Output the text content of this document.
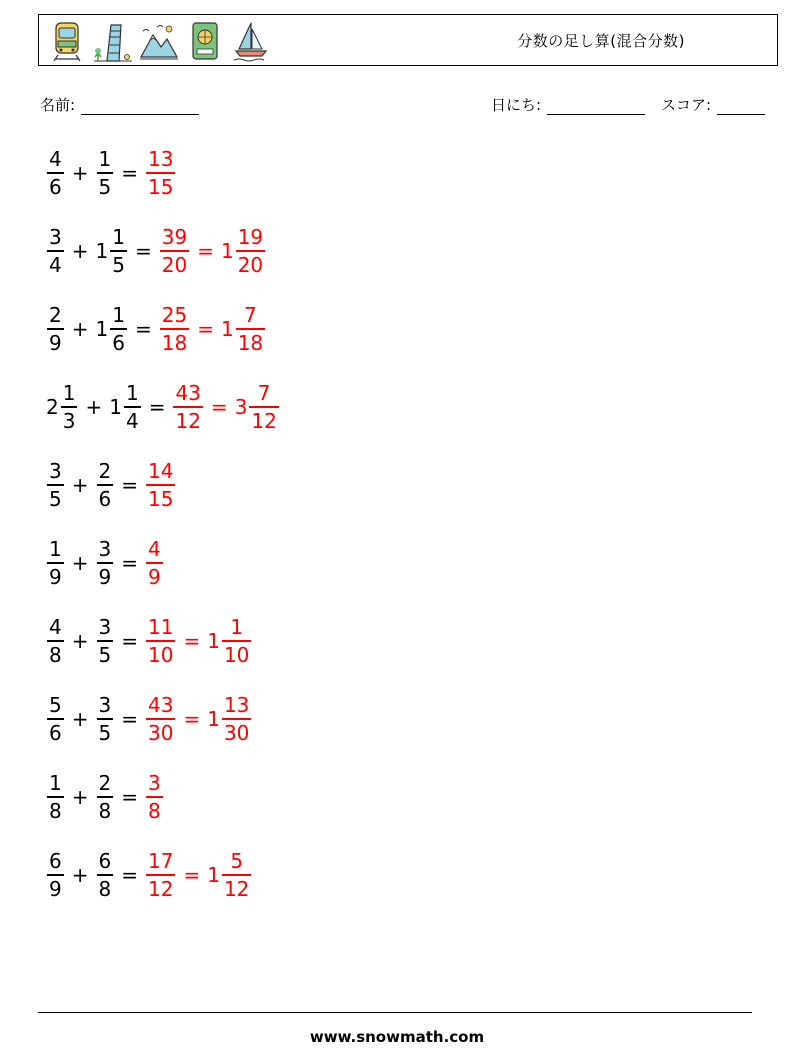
分数の足し算(混合分数)
名前:	日にち:	スコア:
$\frac{4}{6} + \frac{1}{5} = \frac{13}{15}$
$\frac{3}{4} + 1 \frac{1}{5} = \frac{39}{20} = 1 \frac{19}{20}$
$\frac{2}{9} + 1 \frac{1}{6} = \frac{25}{18} = 1 \frac{7}{18}$
$2 \frac{1}{3} + 1 \frac{1}{4} = \frac{43}{12} = 3 \frac{7}{12}$
$\frac{3}{5} + \frac{2}{6} = \frac{14}{15}$
$\frac{1}{9} + \frac{3}{9} = \frac{4}{9}$
$\frac{4}{8} + \frac{3}{5} = \frac{11}{10} = 1 \frac{1}{10}$
$\frac{5}{6} + \frac{3}{5} = \frac{43}{30} = 1 \frac{13}{30}$
$\frac{1}{8} + \frac{2}{8} = \frac{3}{8}$
$\frac{6}{9} + \frac{6}{8} = \frac{17}{12} = 1 \frac{5}{12}$
www.snowmath.com
